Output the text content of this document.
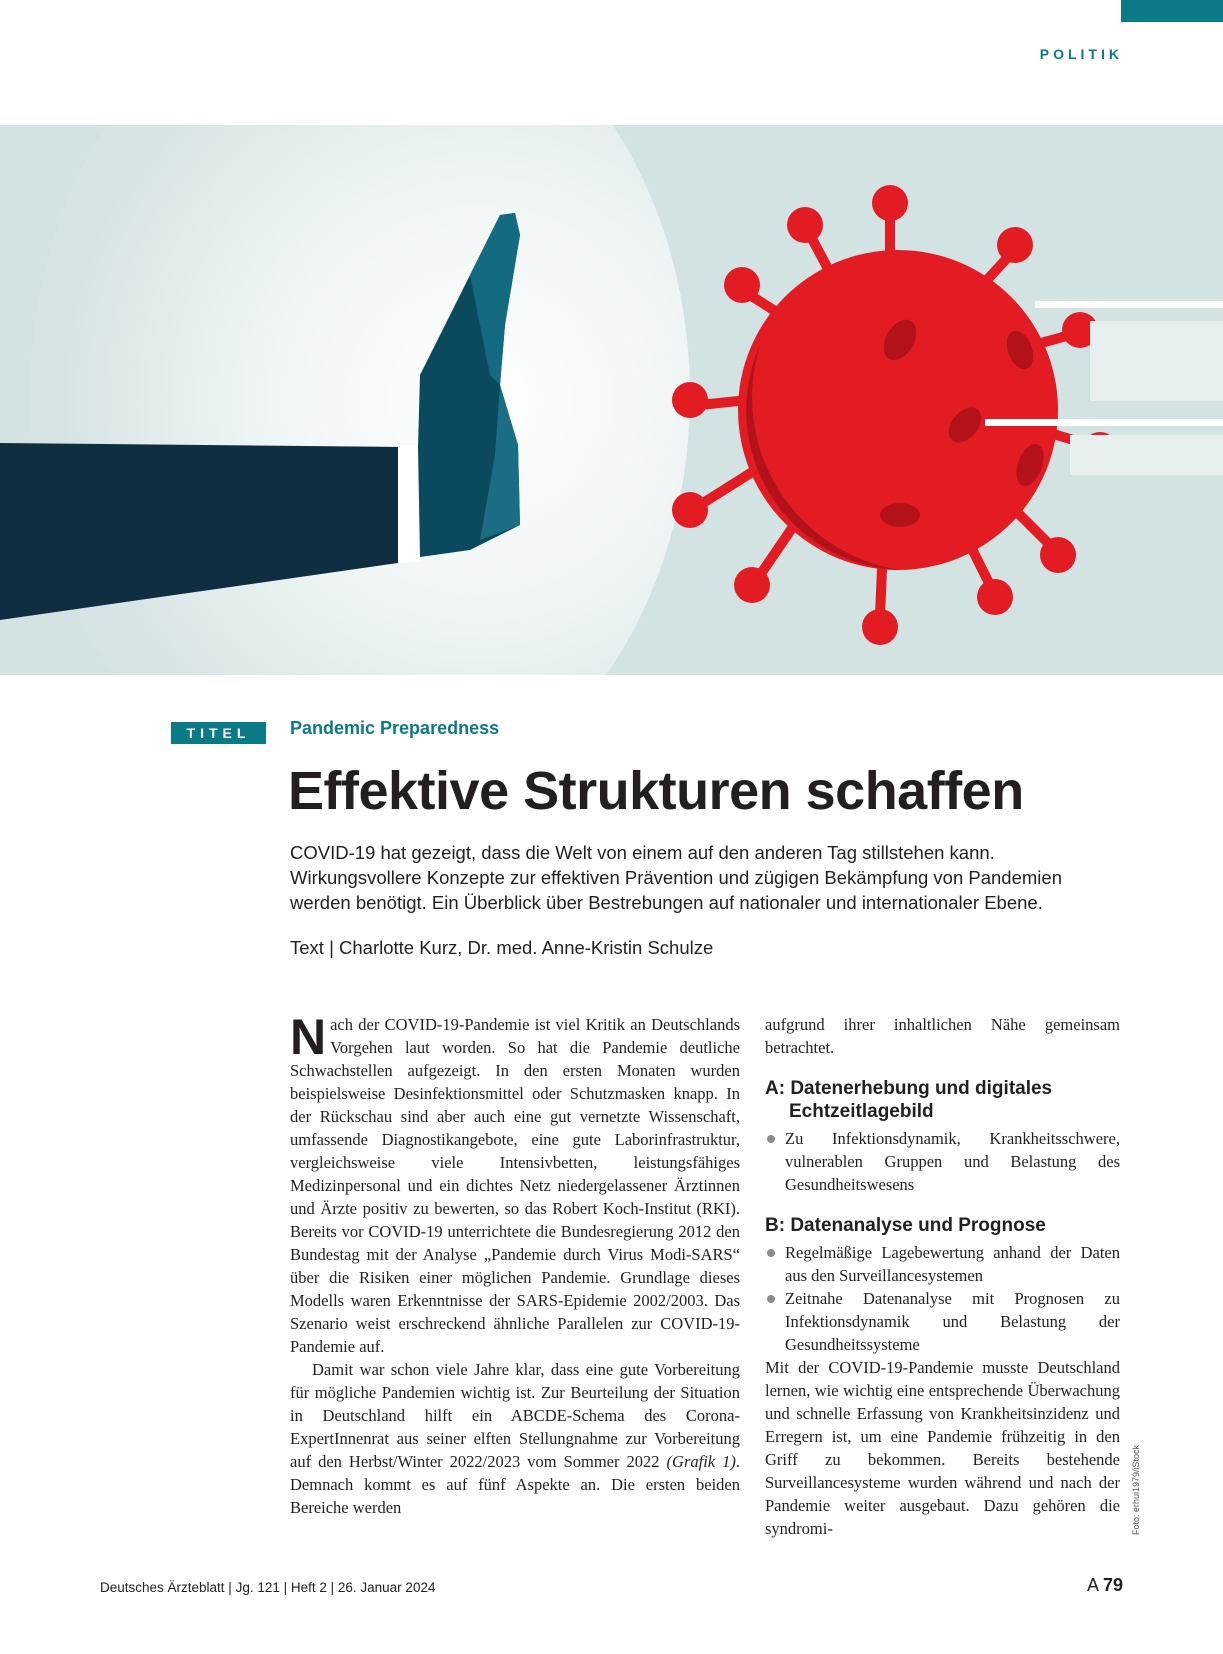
POLITIK
TITEL	Pandemic Preparedness
Effektive Strukturen schaffen

COVID-19 hat gezeigt, dass die Welt von einem auf den anderen Tag stillstehen kann. Wirkungsvollere Konzepte zur effektiven Prävention und zügigen Bekämpfung von Pandemien werden benötigt. Ein Überblick über Bestrebungen auf nationaler und internationaler Ebene.

Text | Charlotte Kurz, Dr. med. Anne-Kristin Schulze

Nach der COVID-19-Pandemie ist viel Kritik an Deutschlands Vorgehen laut worden. So hat die Pandemie deutliche Schwachstellen aufgezeigt. In den ersten Monaten wurden beispielsweise Desinfektionsmittel oder Schutzmasken knapp. In der Rückschau sind aber auch eine gut vernetzte Wissenschaft, umfassende Diagnostikangebote, eine gute Laborinfrastruktur, vergleichsweise viele Intensivbetten, leistungsfähiges Medizinpersonal und ein dichtes Netz niedergelassener Ärztinnen und Ärzte positiv zu bewerten, so das Robert Koch-Institut (RKI). Bereits vor COVID-19 unterrichtete die Bundesregierung 2012 den Bundestag mit der Analyse „Pandemie durch Virus Modi-SARS“ über die Risiken einer möglichen Pandemie. Grundlage dieses Modells waren Erkenntnisse der SARS-Epidemie 2002/2003. Das Szenario weist erschreckend ähnliche Parallelen zur COVID-19-Pandemie auf.

Damit war schon viele Jahre klar, dass eine gute Vorbereitung für mögliche Pandemien wichtig ist. Zur Beurteilung der Situation in Deutschland hilft ein ABCDE-Schema des Corona-ExpertInnenrat aus seiner elften Stellungnahme zur Vorbereitung auf den Herbst/Winter 2022/2023 vom Sommer 2022 (Grafik 1). Demnach kommt es auf fünf Aspekte an. Die ersten beiden Bereiche werden

aufgrund ihrer inhaltlichen Nähe gemeinsam betrachtet.

A: Datenerhebung und digitales Echtzeitlagebild
Zu Infektionsdynamik, Krankheitsschwere, vulnerablen Gruppen und Belastung des Gesundheitswesens
B: Datenanalyse und Prognose
Regelmäßige Lagebewertung anhand der Daten aus den Surveillancesystemen
Zeitnahe Datenanalyse mit Prognosen zu Infektionsdynamik und Belastung der Gesundheitssysteme

Mit der COVID-19-Pandemie musste Deutschland lernen, wie wichtig eine entsprechende Überwachung und schnelle Erfassung von Krankheitsinzidenz und Erregern ist, um eine Pandemie frühzeitig in den Griff zu bekommen. Bereits bestehende Surveillancesysteme wurden während und nach der Pandemie weiter ausgebaut. Dazu gehören die syndromi-	Foto: erhui1979/iStock
Deutsches Ärzteblatt | Jg. 121 | Heft 2 | 26. Januar 2024	A 79
